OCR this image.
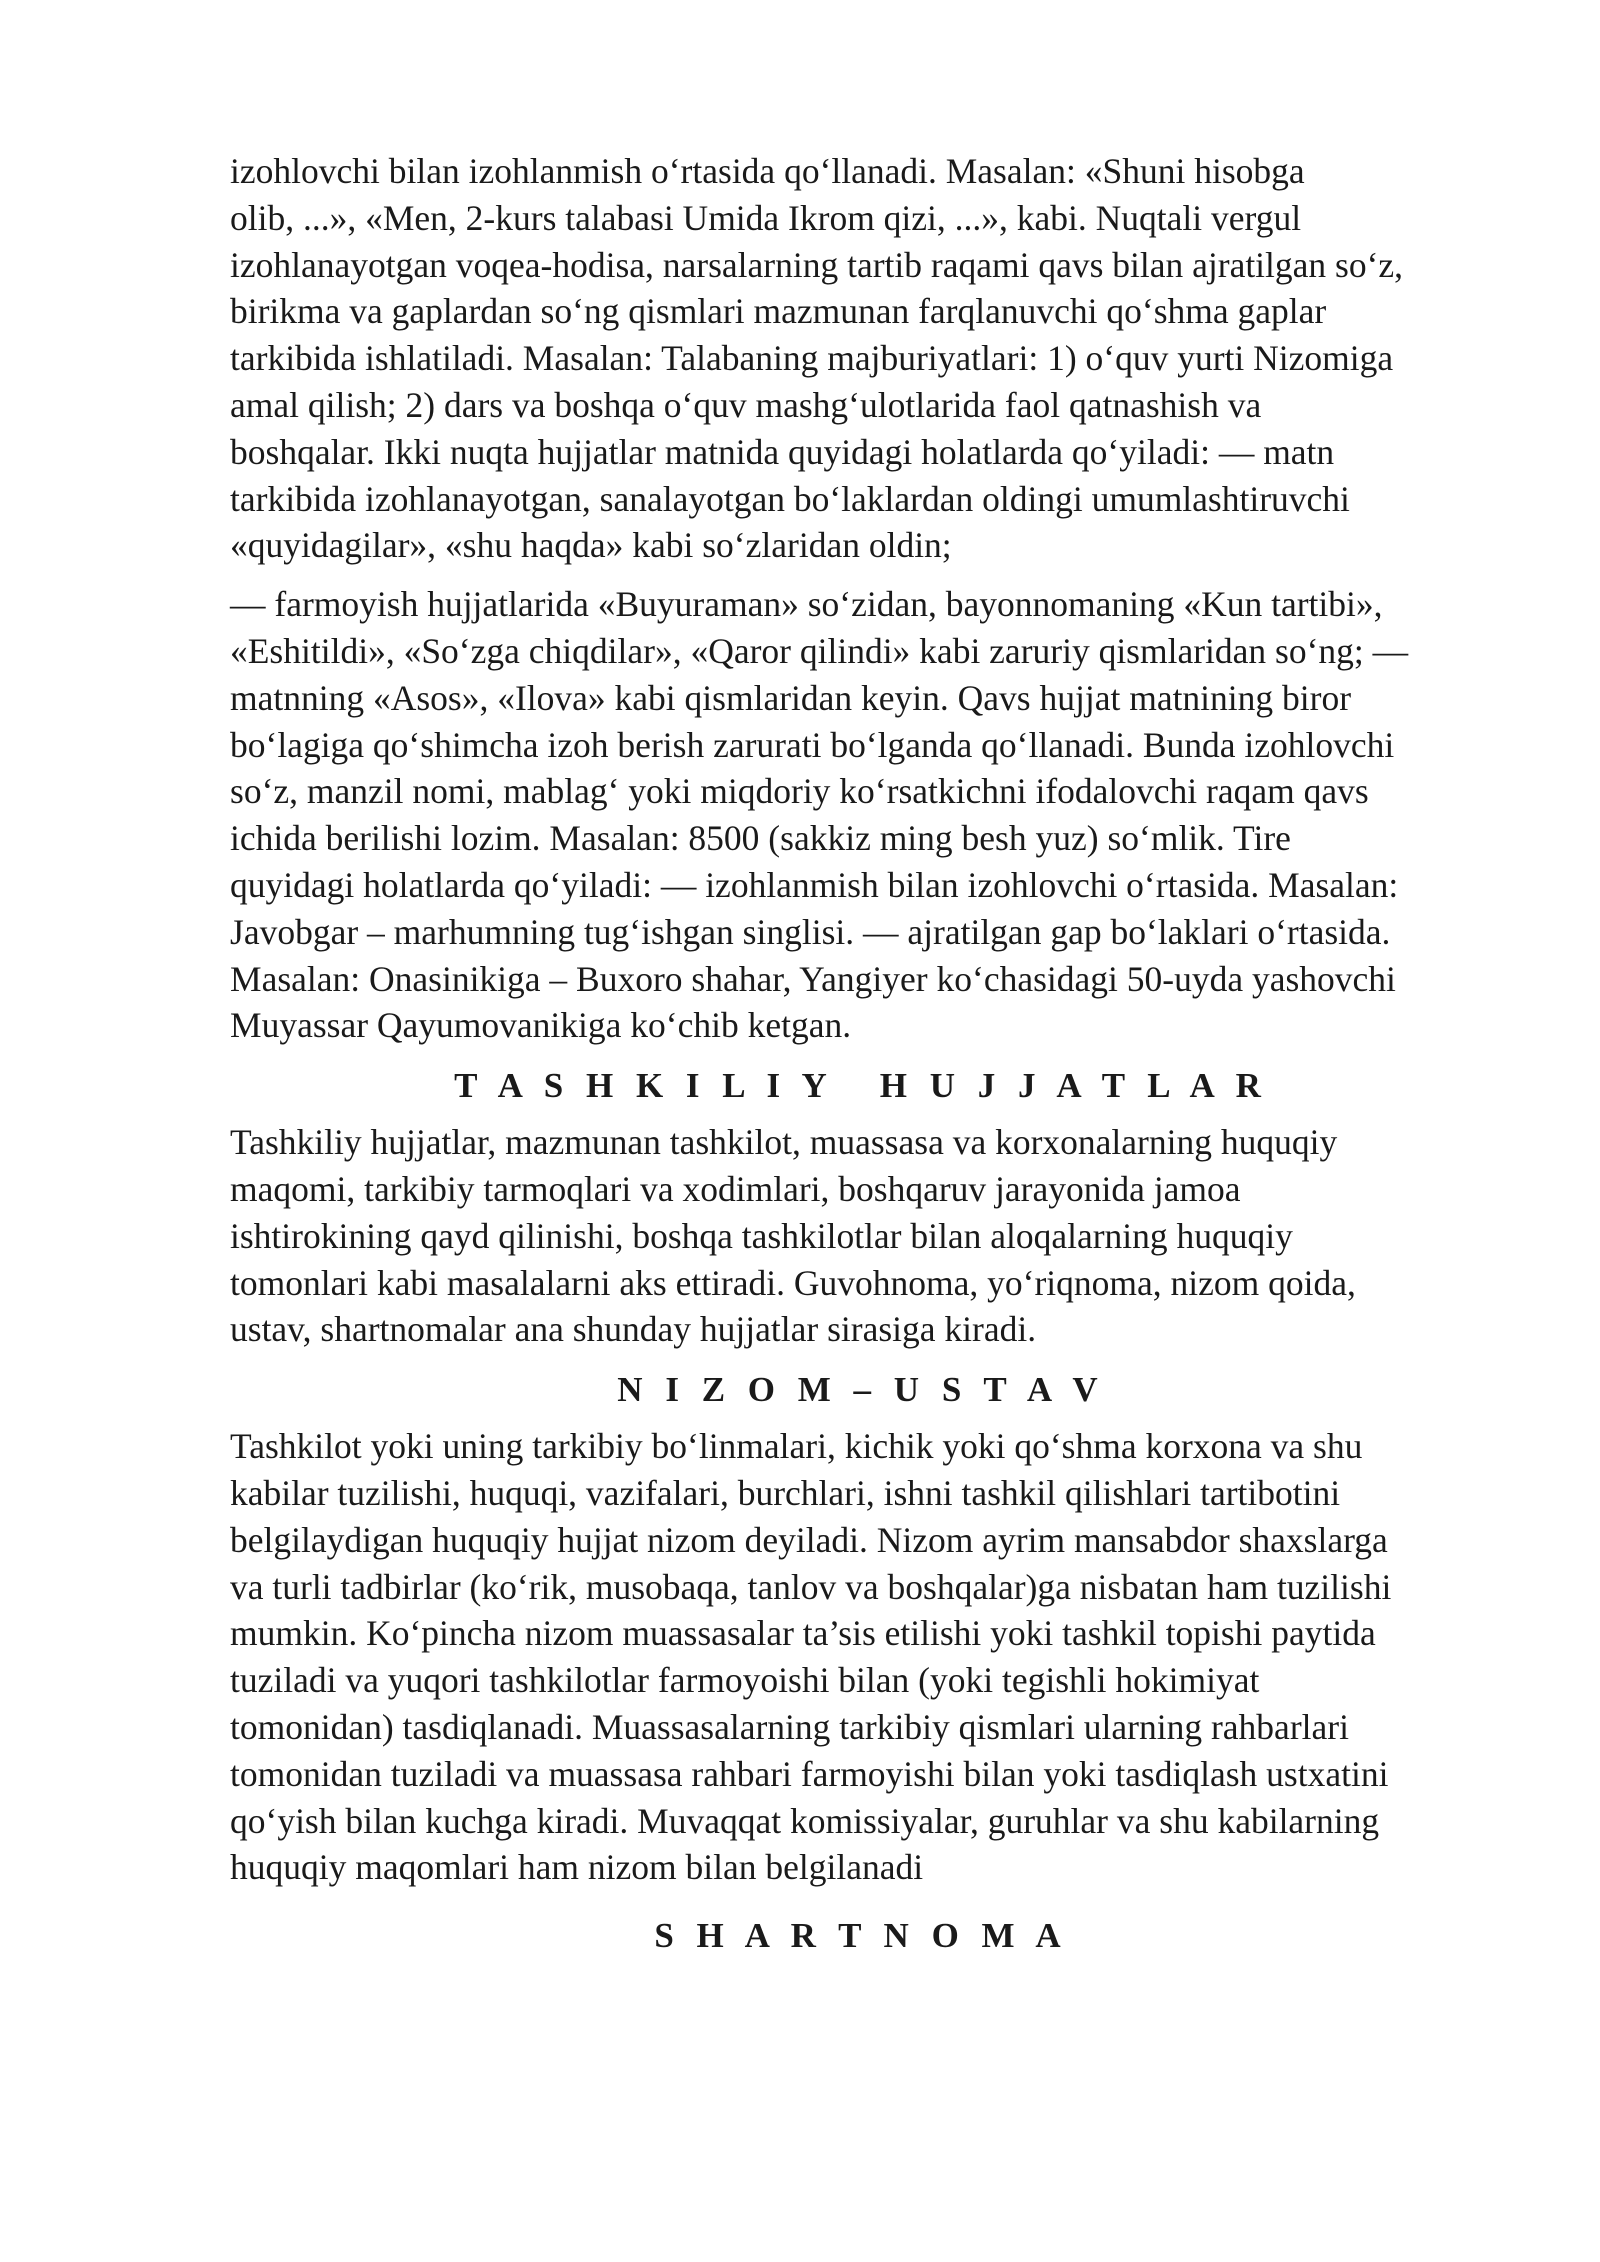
izohlovchi bilan izohlanmish o‘rtasida qo‘llanadi. Masalan: «Shuni hisobga
olib, ...», «Men, 2-kurs talabasi Umida Ikrom qizi, ...», kabi. Nuqtali vergul
izohlanayotgan voqea-hodisa, narsalarning tartib raqami qavs bilan ajratilgan so‘z,
birikma va gaplardan so‘ng qismlari mazmunan farqlanuvchi qo‘shma gaplar
tarkibida ishlatiladi. Masalan: Talabaning majburiyatlari: 1) o‘quv yurti Nizomiga
amal qilish; 2) dars va boshqa o‘quv mashg‘ulotlarida faol qatnashish va
boshqalar. Ikki nuqta hujjatlar matnida quyidagi holatlarda qo‘yiladi: — matn
tarkibida izohlanayotgan, sanalayotgan bo‘laklardan oldingi umumlashtiruvchi
«quyidagilar», «shu haqda» kabi so‘zlaridan oldin;

— farmoyish hujjatlarida «Buyuraman» so‘zidan, bayonnomaning «Kun tartibi»,
«Eshitildi», «So‘zga chiqdilar», «Qaror qilindi» kabi zaruriy qismlaridan so‘ng; —
matnning «Asos», «Ilova» kabi qismlaridan keyin. Qavs hujjat matnining biror
bo‘lagiga qo‘shimcha izoh berish zarurati bo‘lganda qo‘llanadi. Bunda izohlovchi
so‘z, manzil nomi, mablag‘ yoki miqdoriy ko‘rsatkichni ifodalovchi raqam qavs
ichida berilishi lozim. Masalan: 8500 (sakkiz ming besh yuz) so‘mlik. Tire
quyidagi holatlarda qo‘yiladi: — izohlanmish bilan izohlovchi o‘rtasida. Masalan:
Javobgar – marhumning tug‘ishgan singlisi. — ajratilgan gap bo‘laklari o‘rtasida.
Masalan: Onasinikiga – Buxoro shahar, Yangiyer ko‘chasidagi 50-uyda yashovchi
Muyassar Qayumovanikiga ko‘chib ketgan.

T A S H K I L I Y   H U J J A T L A R

Tashkiliy hujjatlar, mazmunan tashkilot, muassasa va korxonalarning huquqiy
maqomi, tarkibiy tarmoqlari va xodimlari, boshqaruv jarayonida jamoa
ishtirokining qayd qilinishi, boshqa tashkilotlar bilan aloqalarning huquqiy
tomonlari kabi masalalarni aks ettiradi. Guvohnoma, yo‘riqnoma, nizom qoida,
ustav, shartnomalar ana shunday hujjatlar sirasiga kiradi.

N I Z O M – U S T A V

Tashkilot yoki uning tarkibiy bo‘linmalari, kichik yoki qo‘shma korxona va shu
kabilar tuzilishi, huquqi, vazifalari, burchlari, ishni tashkil qilishlari tartibotini
belgilaydigan huquqiy hujjat nizom deyiladi. Nizom ayrim mansabdor shaxslarga
va turli tadbirlar (ko‘rik, musobaqa, tanlov va boshqalar)ga nisbatan ham tuzilishi
mumkin. Ko‘pincha nizom muassasalar ta’sis etilishi yoki tashkil topishi paytida
tuziladi va yuqori tashkilotlar farmoyoishi bilan (yoki tegishli hokimiyat
tomonidan) tasdiqlanadi. Muassasalarning tarkibiy qismlari ularning rahbarlari
tomonidan tuziladi va muassasa rahbari farmoyishi bilan yoki tasdiqlash ustxatini
qo‘yish bilan kuchga kiradi. Muvaqqat komissiyalar, guruhlar va shu kabilarning
huquqiy maqomlari ham nizom bilan belgilanadi

S H A R T N O M A
